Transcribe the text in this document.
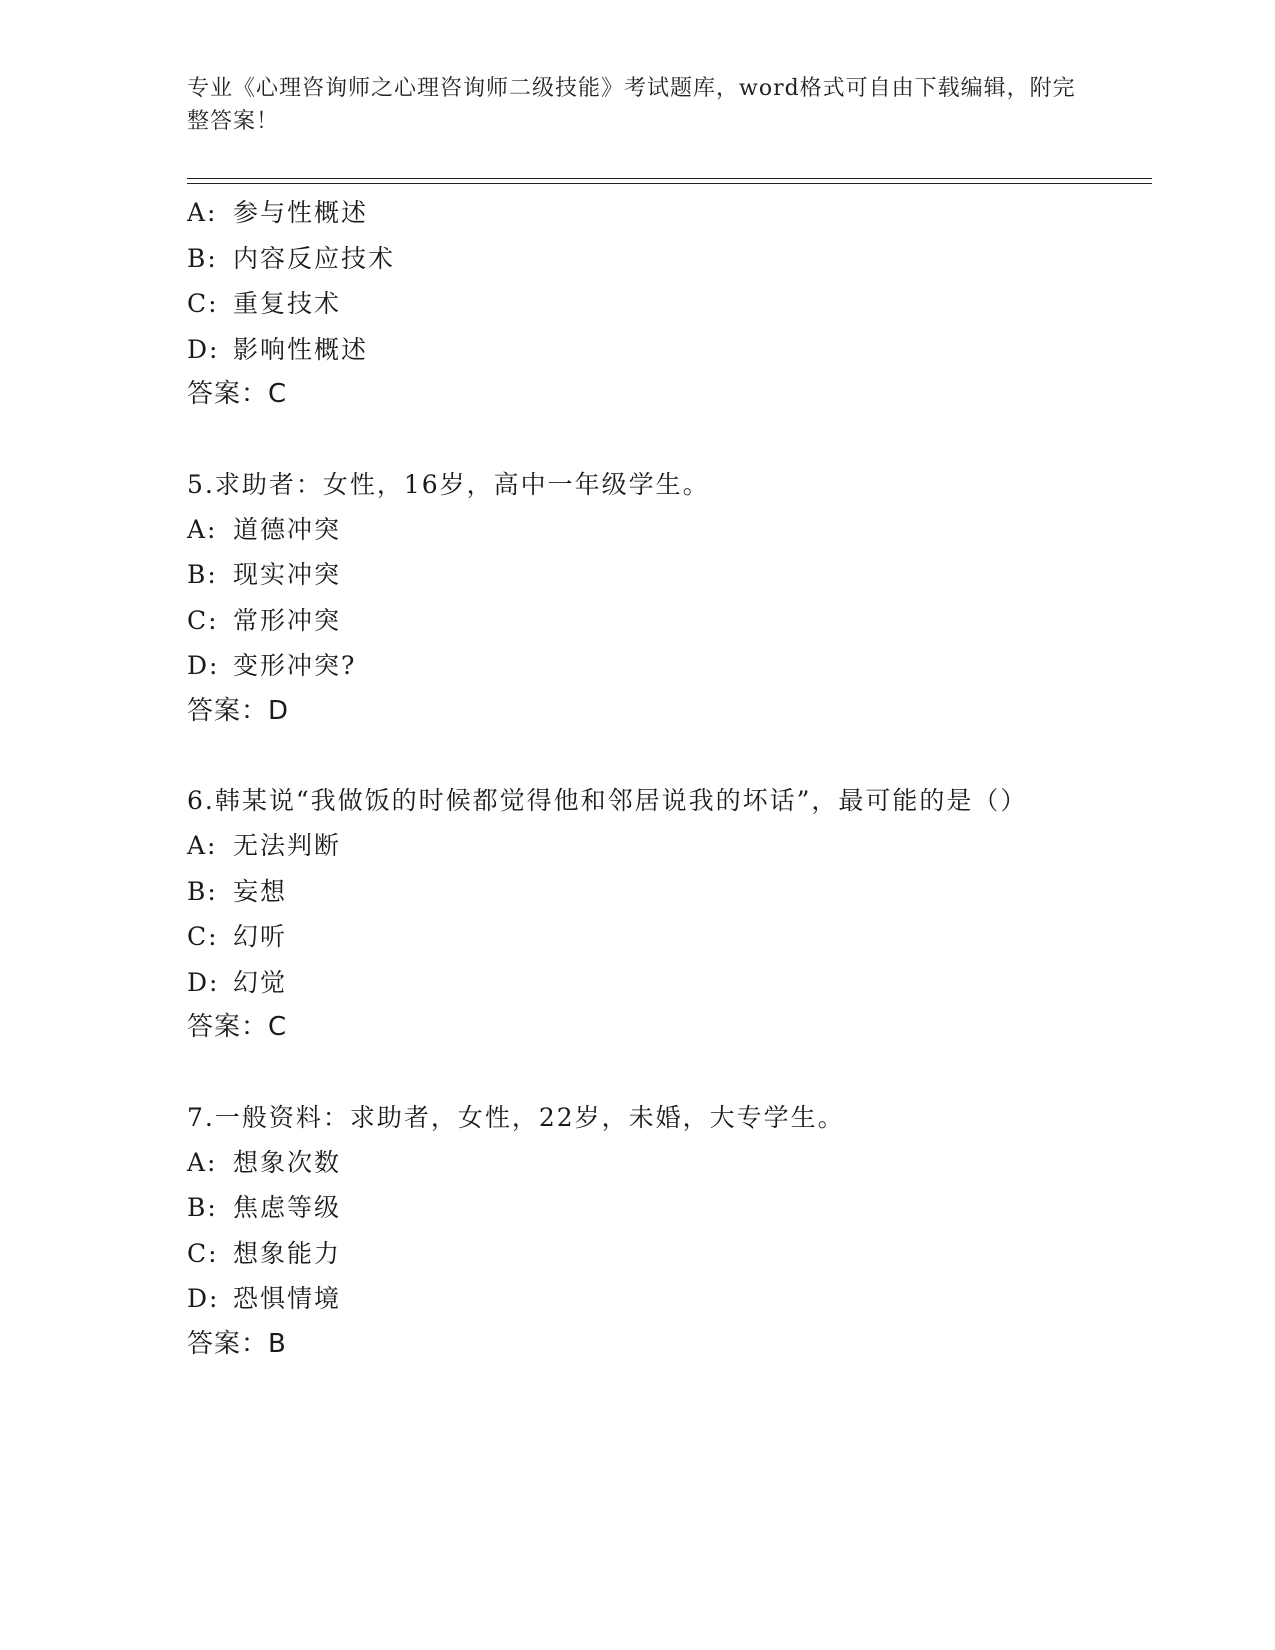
专业《心理咨询师之心理咨询师二级技能》考试题库，word格式可自由下载编辑，附完整答案！
A: 参与性概述
B: 内容反应技术
C: 重复技术
D: 影响性概述
答案：C
5.求助者：女性，16岁，高中一年级学生。
A: 道德冲突
B: 现实冲突
C: 常形冲突
D: 变形冲突?
答案：D
6.韩某说“我做饭的时候都觉得他和邻居说我的坏话”，最可能的是（）
A: 无法判断
B: 妄想
C: 幻听
D: 幻觉
答案：C
7.一般资料：求助者，女性，22岁，未婚，大专学生。
A: 想象次数
B: 焦虑等级
C: 想象能力
D: 恐惧情境
答案：B
